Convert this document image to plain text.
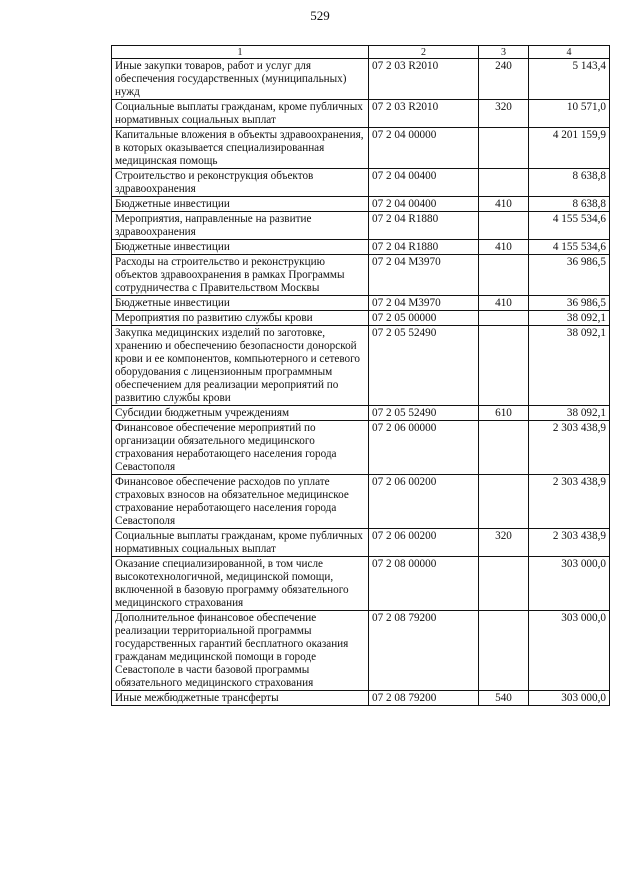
529
1	2	3	4
Иные закупки товаров, работ и услуг для обеспечения государственных (муниципальных) нужд	07 2 03 R2010	240	5 143,4
Социальные выплаты гражданам, кроме публичных нормативных социальных выплат	07 2 03 R2010	320	10 571,0
Капитальные вложения в объекты здравоохранения, в которых оказывается специализированная медицинская помощь	07 2 04 00000		4 201 159,9
Строительство и реконструкция объектов здравоохранения	07 2 04 00400		8 638,8
Бюджетные инвестиции	07 2 04 00400	410	8 638,8
Мероприятия, направленные на развитие здравоохранения	07 2 04 R1880		4 155 534,6
Бюджетные инвестиции	07 2 04 R1880	410	4 155 534,6
Расходы на строительство и реконструкцию объектов здравоохранения в рамках Программы сотрудничества с Правительством Москвы	07 2 04 M3970		36 986,5
Бюджетные инвестиции	07 2 04 M3970	410	36 986,5
Мероприятия по развитию службы крови	07 2 05 00000		38 092,1
Закупка медицинских изделий по заготовке, хранению и обеспечению безопасности донорской крови и ее компонентов, компьютерного и сетевого оборудования с лицензионным программным обеспечением для реализации мероприятий по развитию службы крови	07 2 05 52490		38 092,1
Субсидии бюджетным учреждениям	07 2 05 52490	610	38 092,1
Финансовое обеспечение мероприятий по организации обязательного медицинского страхования неработающего населения города Севастополя	07 2 06 00000		2 303 438,9
Финансовое обеспечение расходов по уплате страховых взносов на обязательное медицинское страхование неработающего населения города Севастополя	07 2 06 00200		2 303 438,9
Социальные выплаты гражданам, кроме публичных нормативных социальных выплат	07 2 06 00200	320	2 303 438,9
Оказание специализированной, в том числе высокотехнологичной, медицинской помощи, включенной в базовую программу обязательного медицинского страхования	07 2 08 00000		303 000,0
Дополнительное финансовое обеспечение реализации территориальной программы государственных гарантий бесплатного оказания гражданам медицинской помощи в городе Севастополе в части базовой программы обязательного медицинского страхования	07 2 08 79200		303 000,0
Иные межбюджетные трансферты	07 2 08 79200	540	303 000,0
